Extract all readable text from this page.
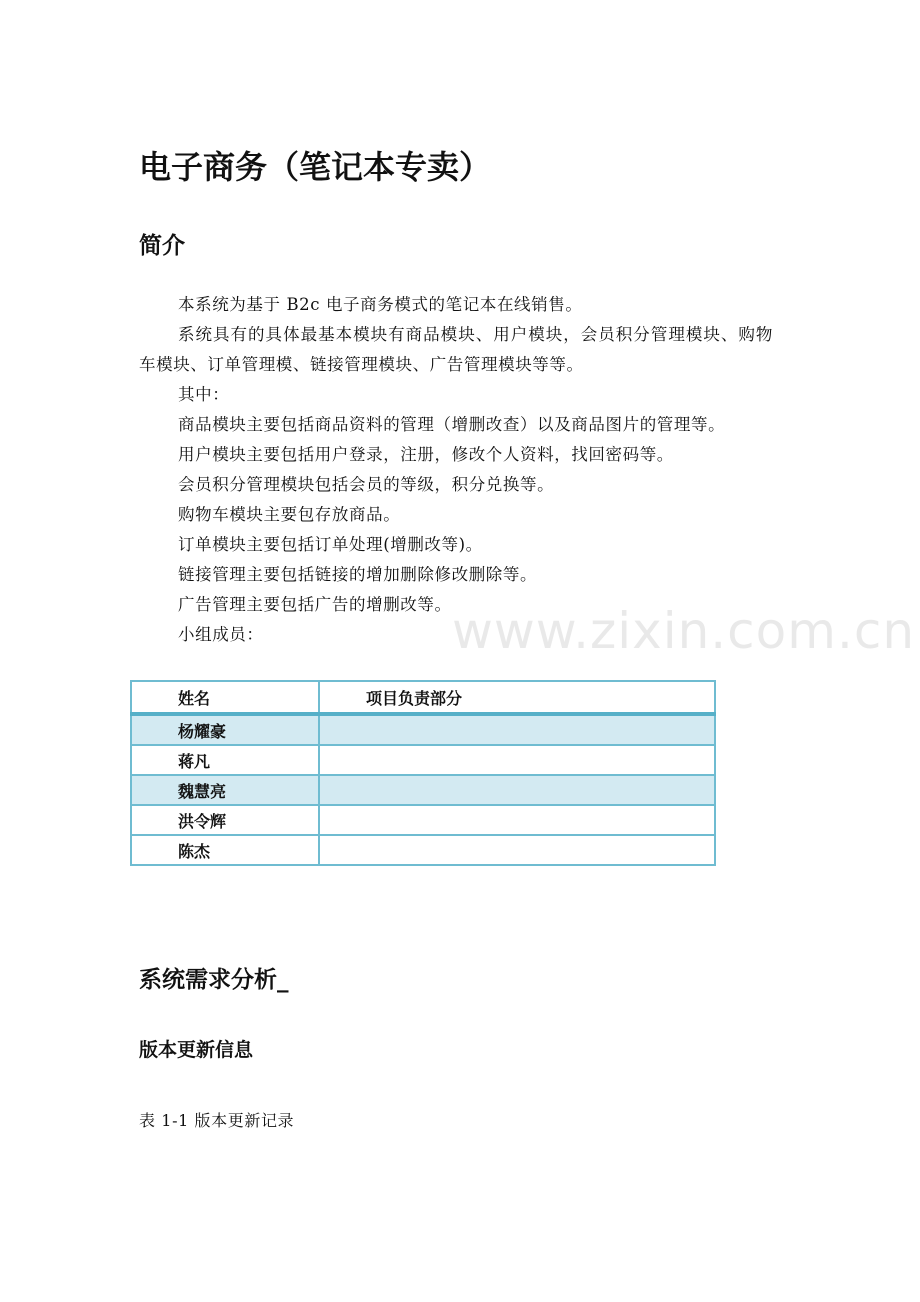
电子商务（笔记本专卖）
简介

本系统为基于 B2c 电子商务模式的笔记本在线销售。

系统具有的具体最基本模块有商品模块、用户模块，会员积分管理模块、购物车模块、订单管理模、链接管理模块、广告管理模块等等。

其中：

商品模块主要包括商品资料的管理（增删改查）以及商品图片的管理等。

用户模块主要包括用户登录，注册，修改个人资料，找回密码等。

会员积分管理模块包括会员的等级，积分兑换等。

购物车模块主要包存放商品。

订单模块主要包括订单处理(增删改等)。

链接管理主要包括链接的增加删除修改删除等。

广告管理主要包括广告的增删改等。

小组成员：	www.zixin.com.cn
姓名	项目负责部分
杨耀豪	
蒋凡	
魏慧亮	
洪令辉	
陈杰	
系统需求分析_
版本更新信息
表 1-1 版本更新记录
